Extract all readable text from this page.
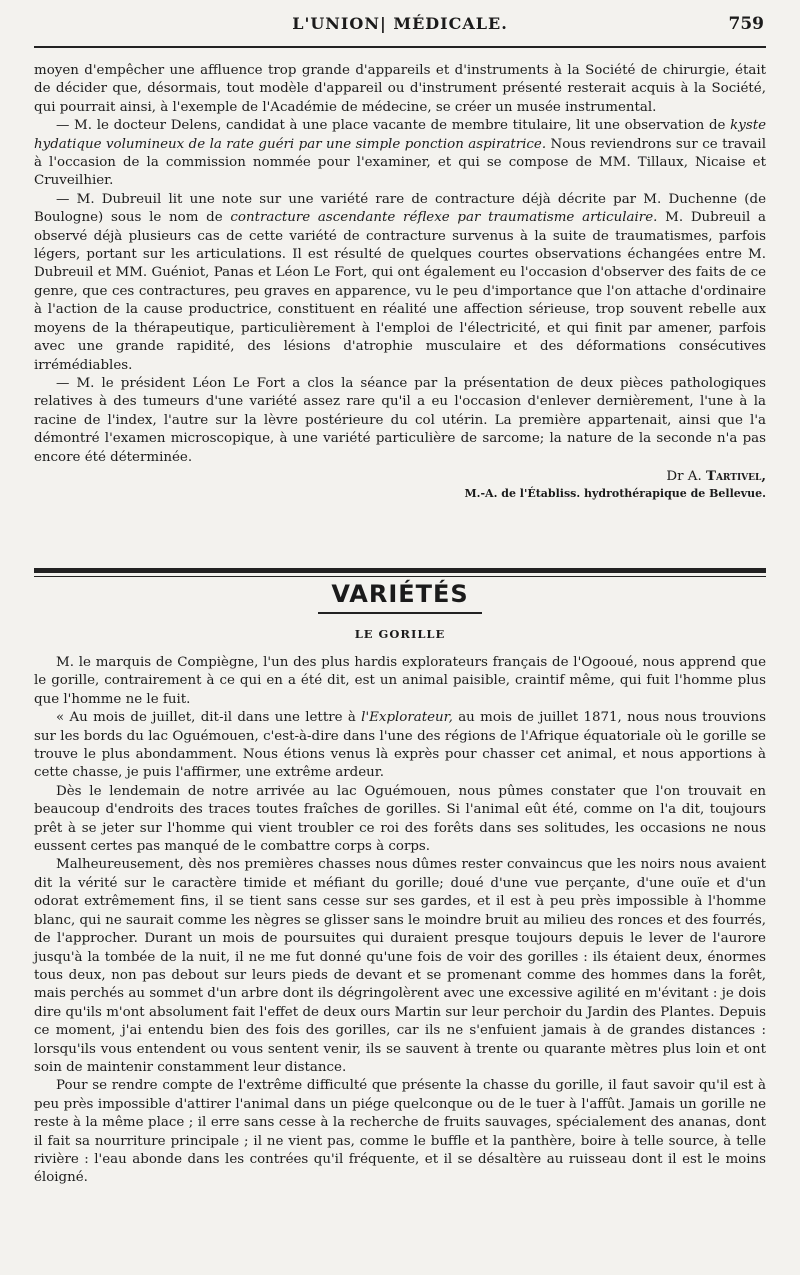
L'UNION| MÉDICALE.	759

moyen d'empêcher une affluence trop grande d'appareils et d'instruments à la Société de chirurgie, était de décider que, désormais, tout modèle d'appareil ou d'instrument présenté resterait acquis à la Société, qui pourrait ainsi, à l'exemple de l'Académie de médecine, se créer un musée instrumental.

— M. le docteur Delens, candidat à une place vacante de membre titulaire, lit une observation de kyste hydatique volumineux de la rate guéri par une simple ponction aspiratrice. Nous reviendrons sur ce travail à l'occasion de la commission nommée pour l'examiner, et qui se compose de MM. Tillaux, Nicaise et Cruveilhier.

— M. Dubreuil lit une note sur une variété rare de contracture déjà décrite par M. Duchenne (de Boulogne) sous le nom de contracture ascendante réflexe par traumatisme articulaire. M. Dubreuil a observé déjà plusieurs cas de cette variété de contracture survenus à la suite de traumatismes, parfois légers, portant sur les articulations. Il est résulté de quelques courtes observations échangées entre M. Dubreuil et MM. Guéniot, Panas et Léon Le Fort, qui ont également eu l'occasion d'observer des faits de ce genre, que ces contractures, peu graves en apparence, vu le peu d'importance que l'on attache d'ordinaire à l'action de la cause productrice, constituent en réalité une affection sérieuse, trop souvent rebelle aux moyens de la thérapeutique, particulièrement à l'emploi de l'électricité, et qui finit par amener, parfois avec une grande rapidité, des lésions d'atrophie musculaire et des déformations consécutives irrémédiables.

— M. le président Léon Le Fort a clos la séance par la présentation de deux pièces pathologiques relatives à des tumeurs d'une variété assez rare qu'il a eu l'occasion d'enlever dernièrement, l'une à la racine de l'index, l'autre sur la lèvre postérieure du col utérin. La première appartenait, ainsi que l'a démontré l'examen microscopique, à une variété particulière de sarcome; la nature de la seconde n'a pas encore été déterminée.

Dr A. Tartivel,

M.-A. de l'Établiss. hydrothérapique de Bellevue.

VARIÉTÉS
LE GORILLE

M. le marquis de Compiègne, l'un des plus hardis explorateurs français de l'Ogooué, nous apprend que le gorille, contrairement à ce qui en a été dit, est un animal paisible, craintif même, qui fuit l'homme plus que l'homme ne le fuit.

« Au mois de juillet, dit-il dans une lettre à l'Explorateur, au mois de juillet 1871, nous nous trouvions sur les bords du lac Oguémouen, c'est-à-dire dans l'une des régions de l'Afrique équatoriale où le gorille se trouve le plus abondamment. Nous étions venus là exprès pour chasser cet animal, et nous apportions à cette chasse, je puis l'affirmer, une extrême ardeur.

Dès le lendemain de notre arrivée au lac Oguémouen, nous pûmes constater que l'on trouvait en beaucoup d'endroits des traces toutes fraîches de gorilles. Si l'animal eût été, comme on l'a dit, toujours prêt à se jeter sur l'homme qui vient troubler ce roi des forêts dans ses solitudes, les occasions ne nous eussent certes pas manqué de le combattre corps à corps.

Malheureusement, dès nos premières chasses nous dûmes rester convaincus que les noirs nous avaient dit la vérité sur le caractère timide et méfiant du gorille; doué d'une vue perçante, d'une ouïe et d'un odorat extrêmement fins, il se tient sans cesse sur ses gardes, et il est à peu près impossible à l'homme blanc, qui ne saurait comme les nègres se glisser sans le moindre bruit au milieu des ronces et des fourrés, de l'approcher. Durant un mois de poursuites qui duraient presque toujours depuis le lever de l'aurore jusqu'à la tombée de la nuit, il ne me fut donné qu'une fois de voir des gorilles : ils étaient deux, énormes tous deux, non pas debout sur leurs pieds de devant et se promenant comme des hommes dans la forêt, mais perchés au sommet d'un arbre dont ils dégringolèrent avec une excessive agilité en m'évitant : je dois dire qu'ils m'ont absolument fait l'effet de deux ours Martin sur leur perchoir du Jardin des Plantes. Depuis ce moment, j'ai entendu bien des fois des gorilles, car ils ne s'enfuient jamais à de grandes distances : lorsqu'ils vous entendent ou vous sentent venir, ils se sauvent à trente ou quarante mètres plus loin et ont soin de maintenir constamment leur distance.

Pour se rendre compte de l'extrême difficulté que présente la chasse du gorille, il faut savoir qu'il est à peu près impossible d'attirer l'animal dans un piége quelconque ou de le tuer à l'affût. Jamais un gorille ne reste à la même place ; il erre sans cesse à la recherche de fruits sauvages, spécialement des ananas, dont il fait sa nourriture principale ; il ne vient pas, comme le buffle et la panthère, boire à telle source, à telle rivière : l'eau abonde dans les contrées qu'il fréquente, et il se désaltère au ruisseau dont il est le moins éloigné.
